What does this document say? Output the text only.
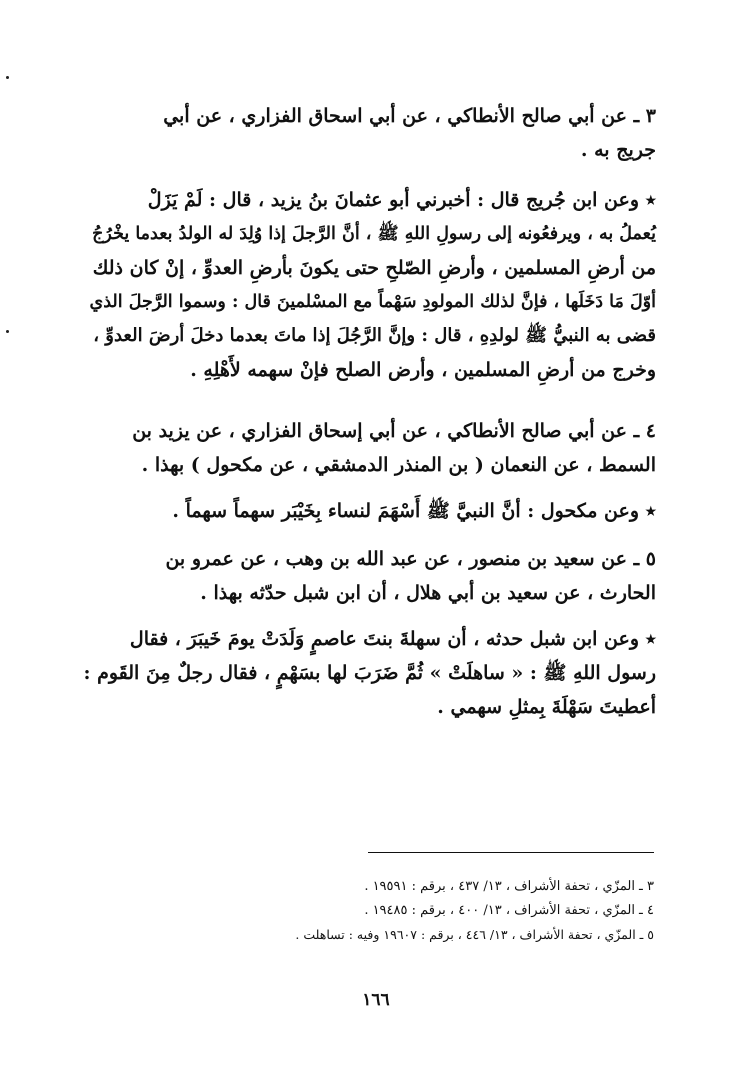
٣ ـ عن أبي صالح الأنطاكي ، عن أبي اسحاق الفزاري ، عن أبي
جريج به .
٭ وعن ابن جُريج قال : أخبرني أبو عثمانَ بنُ يزيد ، قال : لَمْ يَزَلْ
يُعملُ به ، ويرفعُونه إلى رسولِ اللهِ ﷺ ، أنَّ الرَّجلَ إذا وُلِدَ له الولدُ بعدما يخْرُجُ
من أرضِ المسلمين ، وأرضِ الصّلحِ حتى يكونَ بأرضِ العدوِّ ، إنْ كان ذلك
أوّلَ مَا دَخَلَها ، فإنَّ لذلك المولودِ سَهْماً مع المسْلمينَ قال : وسموا الرَّجلَ الذي
قضى به النبيُّ ﷺ لولدِهِ ، قال : وإنَّ الرَّجُلَ إذا ماتَ بعدما دخلَ أرضَ العدوِّ ،
وخرج من أرضِ المسلمين ، وأرض الصلح فإنْ سهمه لأَهْلِهِ .
٤ ـ عن أبي صالح الأنطاكي ، عن أبي إسحاق الفزاري ، عن يزيد بن
السمط ، عن النعمان ( بن المنذر الدمشقي ، عن مكحول ) بهذا .
٭ وعن مكحول : أنَّ النبيَّ ﷺ أَسْهَمَ لنساء بِخَيْبَر سهماً سهماً .
٥ ـ عن سعيد بن منصور ، عن عبد الله بن وهب ، عن عمرو بن
الحارث ، عن سعيد بن أبي هلال ، أن ابن شبل حدّثه بهذا .
٭ وعن ابن شبل حدثه ، أن سهلةَ بنتَ عاصمٍ وَلَدَتْ يومَ خَيبَرَ ، فقال
رسول اللهِ ﷺ : « ساهلَتْ » ثُمَّ ضَرَبَ لها بسَهْمٍ ، فقال رجلٌ مِنَ القَوم :
أعطيتَ سَهْلَةَ بِمثلِ سهمي .
٣ ـ المزّي ، تحفة الأشراف ، ١٣/ ٤٣٧ ، برقم : ١٩٥٩١ .
٤ ـ المزّي ، تحفة الأشراف ، ١٣/ ٤٠٠ ، برقم : ١٩٤٨٥ .
٥ ـ المزّي ، تحفة الأشراف ، ١٣/ ٤٤٦ ، برقم : ١٩٦٠٧ وفيه : تساهلت .
١٦٦
